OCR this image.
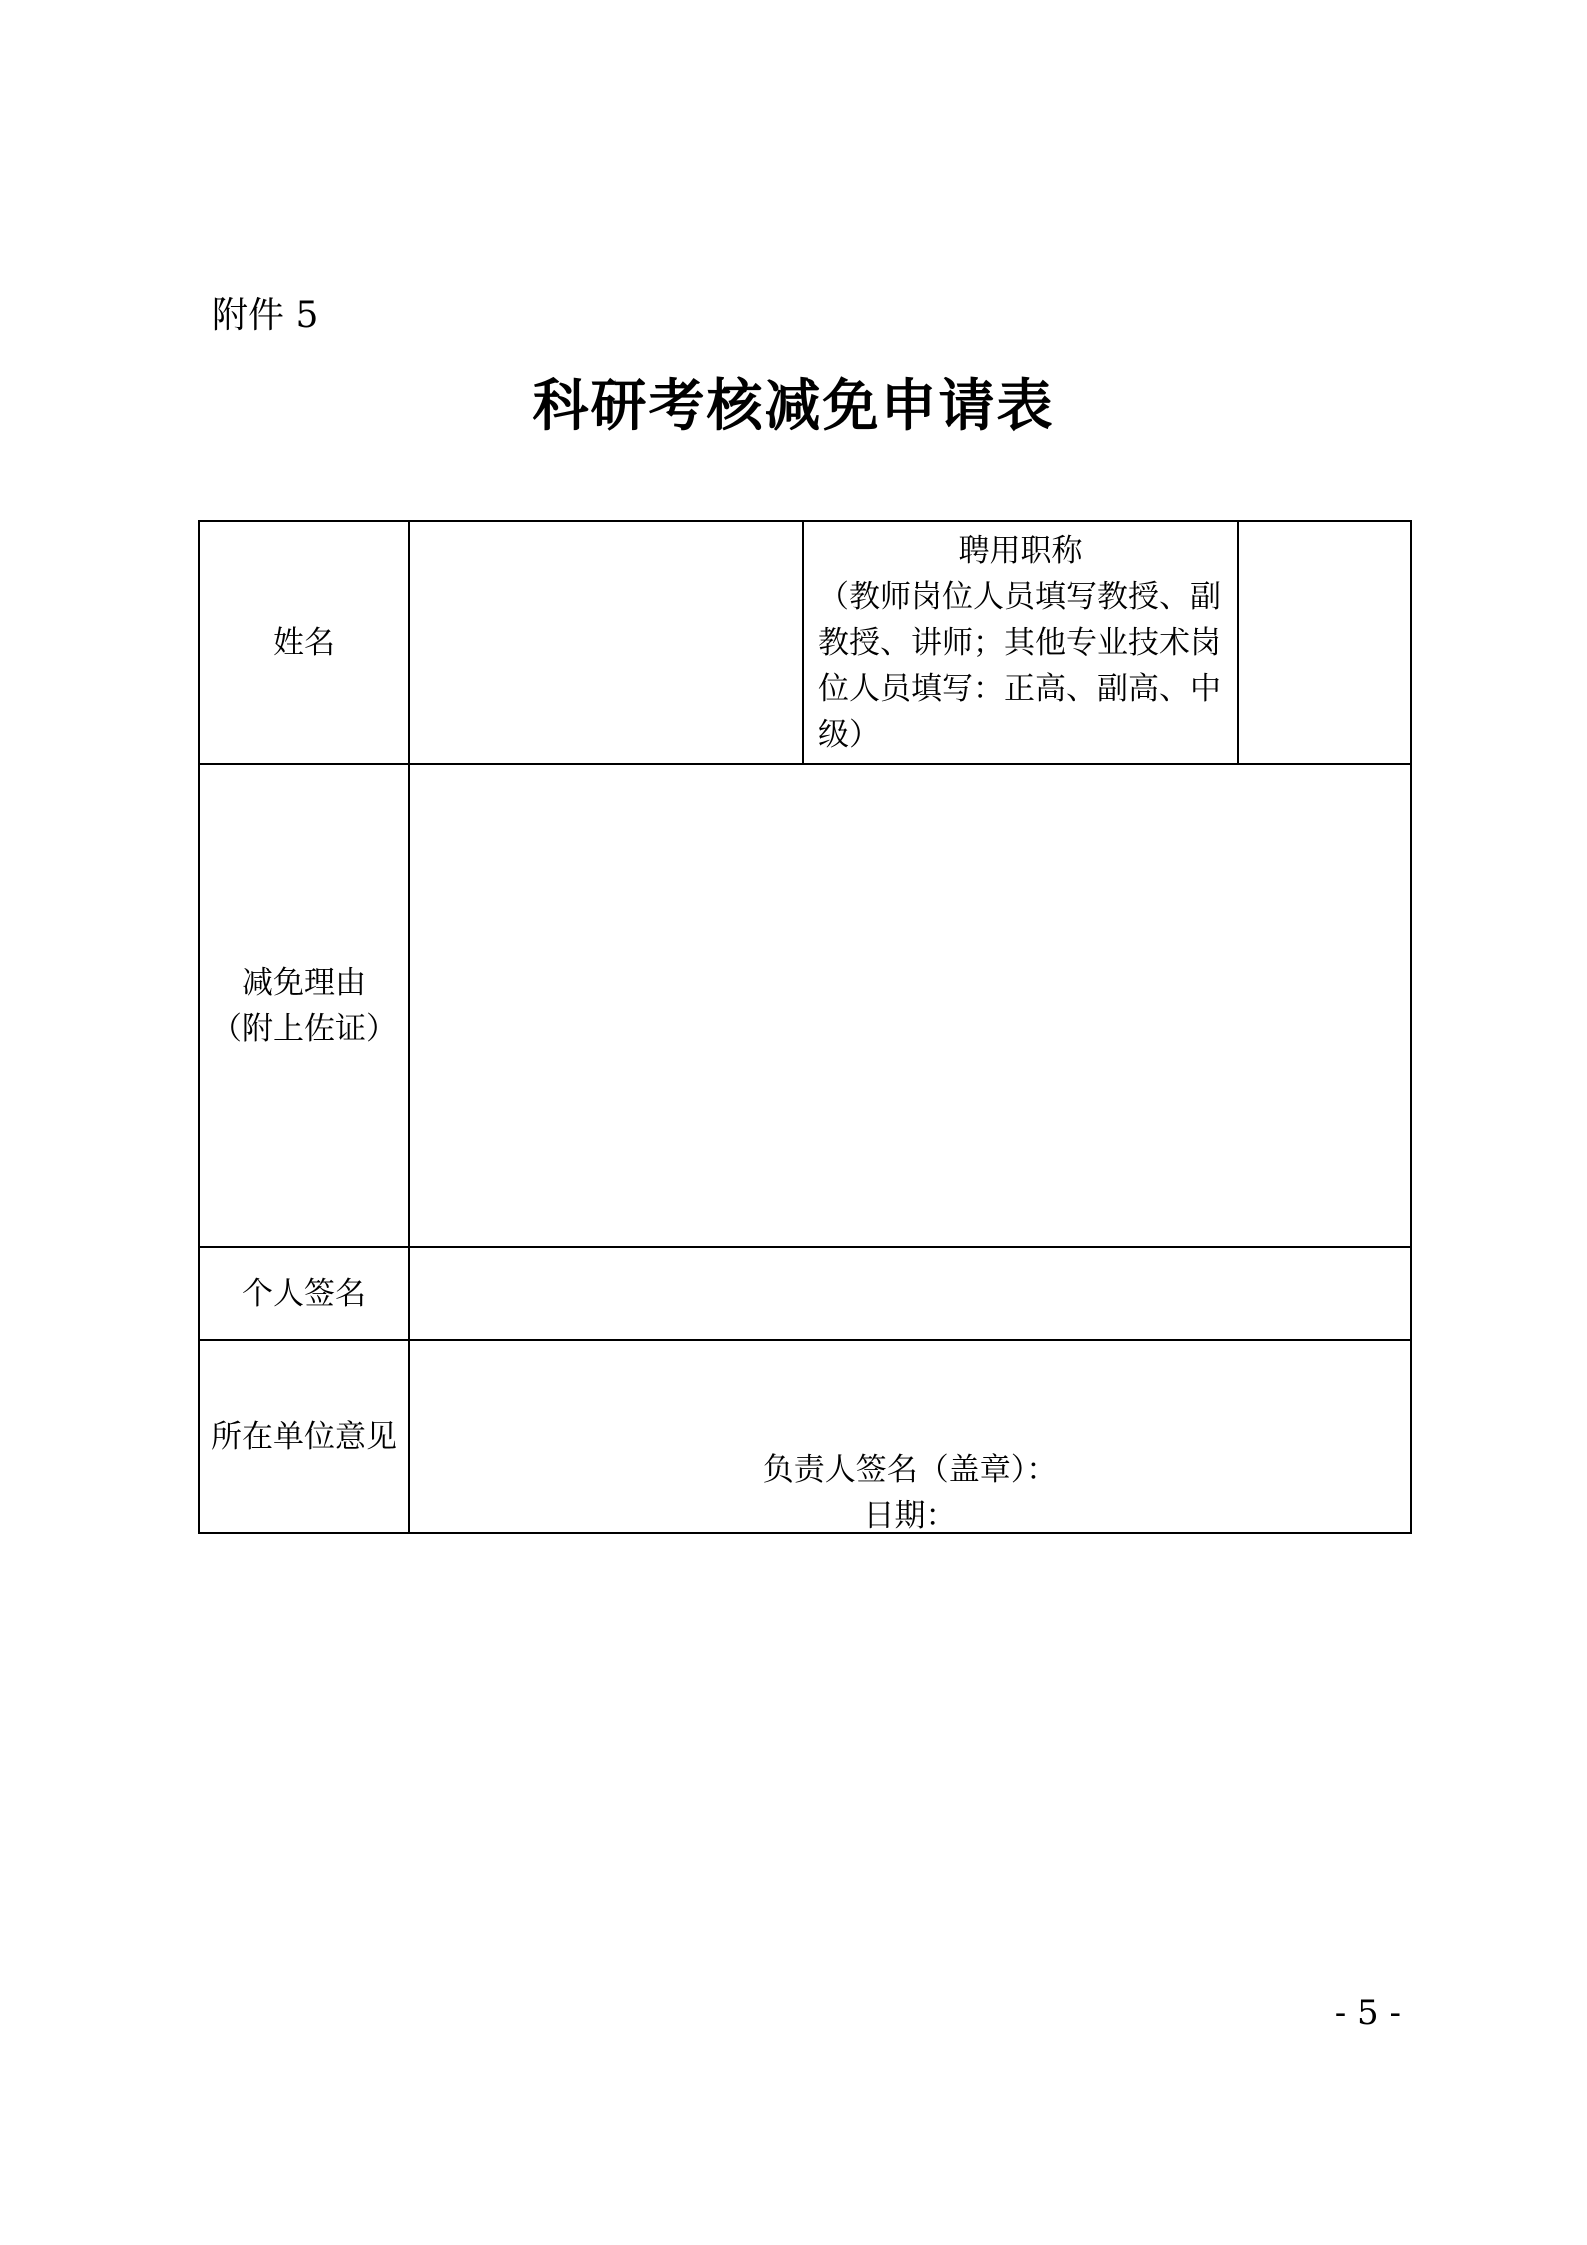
附件 5
科研考核减免申请表
姓名		聘用职称
（教师岗位人员填写教授、副教授、讲师；其他专业技术岗位人员填写：正高、副高、中级）	

减免理由
（附上佐证）			

个人签名			

所在单位意见	负责人签名（盖章）：
日期：		
- 5 -
